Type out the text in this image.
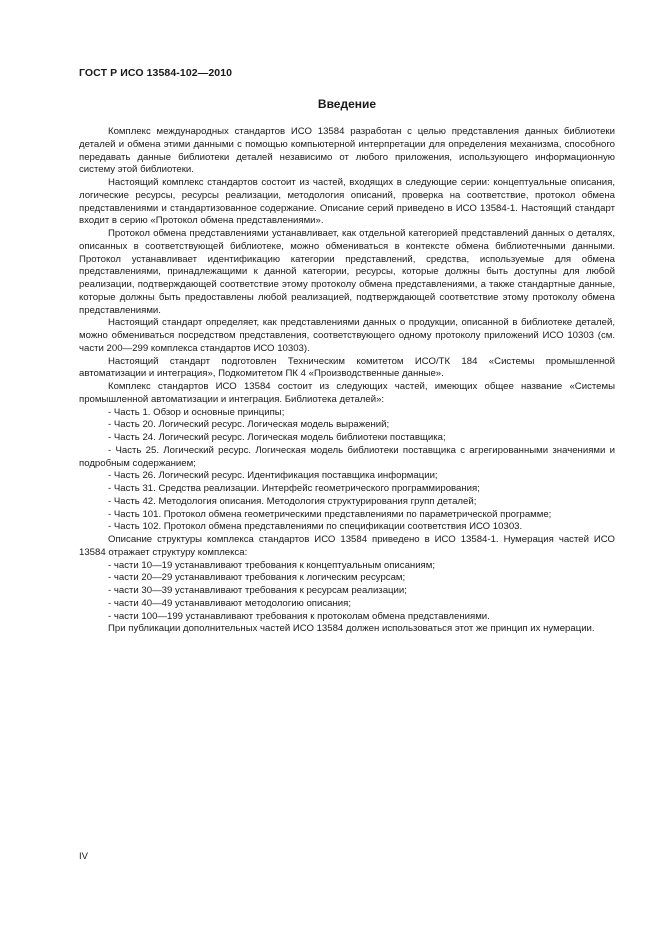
ГОСТ Р ИСО 13584-102—2010
Введение

Комплекс международных стандартов ИСО 13584 разработан с целью представления данных библиотеки деталей и обмена этими данными с помощью компьютерной интерпретации для определения механизма, способного передавать данные библиотеки деталей независимо от любого приложения, использующего информационную систему этой библиотеки.

Настоящий комплекс стандартов состоит из частей, входящих в следующие серии: концептуальные описания, логические ресурсы, ресурсы реализации, методология описаний, проверка на соответствие, протокол обмена представлениями и стандартизованное содержание. Описание серий приведено в ИСО 13584-1. Настоящий стандарт входит в серию «Протокол обмена представлениями».

Протокол обмена представлениями устанавливает, как отдельной категорией представлений данных о деталях, описанных в соответствующей библиотеке, можно обмениваться в контексте обмена библиотечными данными. Протокол устанавливает идентификацию категории представлений, средства, используемые для обмена представлениями, принадлежащими к данной категории, ресурсы, которые должны быть доступны для любой реализации, подтверждающей соответствие этому протоколу обмена представлениями, а также стандартные данные, которые должны быть предоставлены любой реализацией, подтверждающей соответствие этому протоколу обмена представлениями.

Настоящий стандарт определяет, как представлениями данных о продукции, описанной в библиотеке деталей, можно обмениваться посредством представления, соответствующего одному протоколу приложений ИСО 10303 (см. части 200—299 комплекса стандартов ИСО 10303).

Настоящий стандарт подготовлен Техническим комитетом ИСО/ТК 184 «Системы промышленной автоматизации и интеграция», Подкомитетом ПК 4 «Производственные данные».

Комплекс стандартов ИСО 13584 состоит из следующих частей, имеющих общее название «Системы промышленной автоматизации и интеграция. Библиотека деталей»:

- Часть 1. Обзор и основные принципы;

- Часть 20. Логический ресурс. Логическая модель выражений;

- Часть 24. Логический ресурс. Логическая модель библиотеки поставщика;

- Часть 25. Логический ресурс. Логическая модель библиотеки поставщика с агрегированными значениями и подробным содержанием;

- Часть 26. Логический ресурс. Идентификация поставщика информации;

- Часть 31. Средства реализации. Интерфейс геометрического программирования;

- Часть 42. Методология описания. Методология структурирования групп деталей;

- Часть 101. Протокол обмена геометрическими представлениями по параметрической программе;

- Часть 102. Протокол обмена представлениями по спецификации соответствия ИСО 10303.

Описание структуры комплекса стандартов ИСО 13584 приведено в ИСО 13584-1. Нумерация частей ИСО 13584 отражает структуру комплекса:

- части 10—19 устанавливают требования к концептуальным описаниям;

- части 20—29 устанавливают требования к логическим ресурсам;

- части 30—39 устанавливают требования к ресурсам реализации;

- части 40—49 устанавливают методологию описания;

- части 100—199 устанавливают требования к протоколам обмена представлениями.

При публикации дополнительных частей ИСО 13584 должен использоваться этот же принцип их нумерации.

IV
